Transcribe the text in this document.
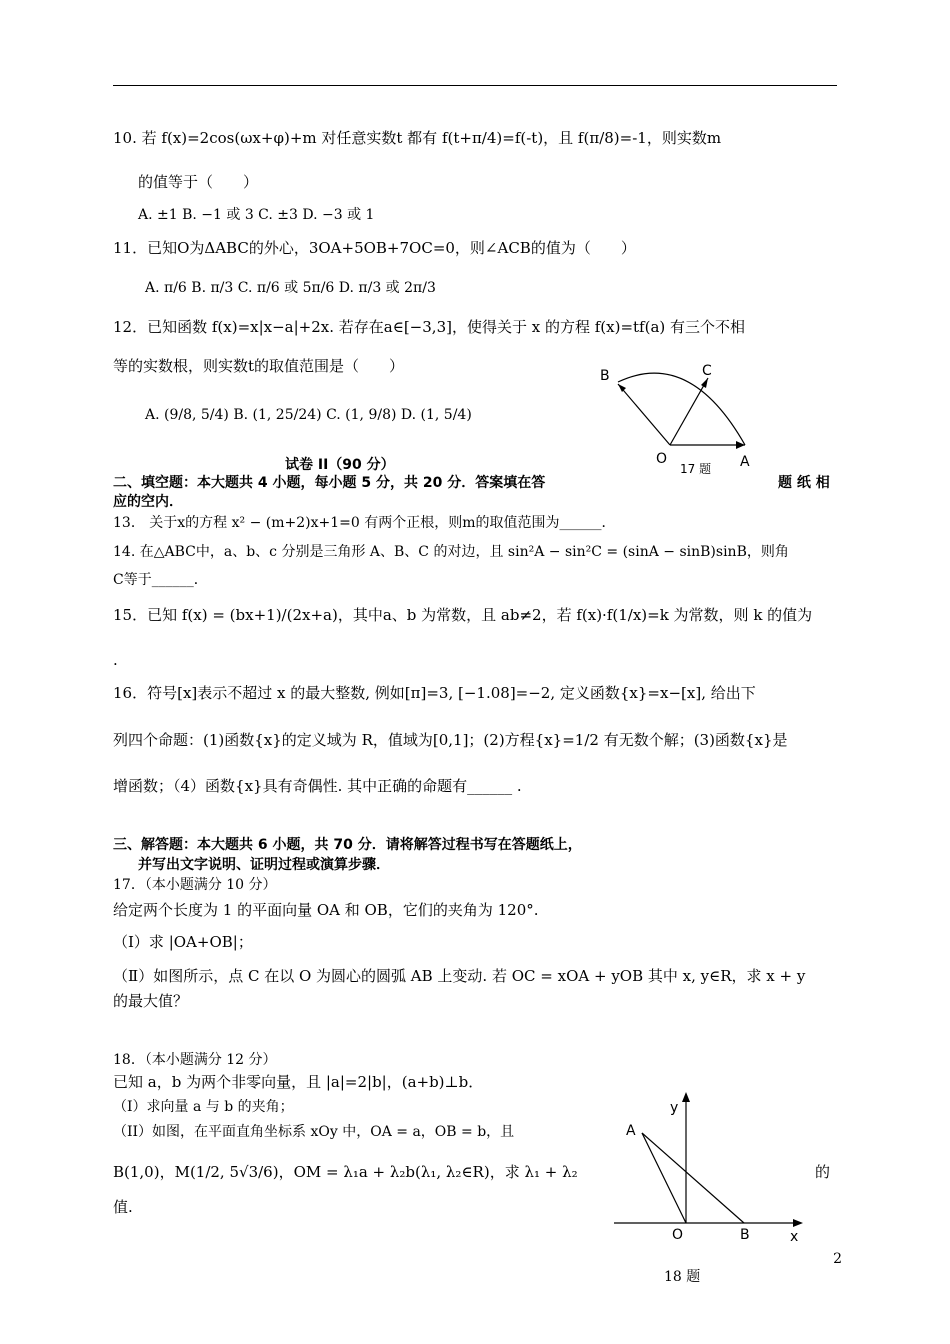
10. 若 f(x)=2cos(ωx+φ)+m 对任意实数t 都有 f(t+π/4)=f(-t)，且 f(π/8)=-1，则实数m
的值等于（　　）
A. ±1 B. −1 或 3 C. ±3 D. −3 或 1
11．已知O为ΔABC的外心，3OA+5OB+7OC=0，则∠ACB的值为（　　）
A. π/6 B. π/3 C. π/6 或 5π/6 D. π/3 或 2π/3
12．已知函数 f(x)=x|x−a|+2x. 若存在a∈[−3,3]，使得关于 x 的方程 f(x)=tf(a) 有三个不相
等的实数根，则实数t的取值范围是（　　）
A. (9/8, 5/4) B. (1, 25/24) C. (1, 9/8) D. (1, 5/4)
B	C
O	A
17 题
试卷 II（90 分）
二、填空题：本大题共 4 小题，每小题 5 分，共 20 分．答案填在答	题 纸 相
应的空内．
13． 关于x的方程 x² − (m+2)x+1=0 有两个正根，则m的取值范围为______．
14. 在△ABC中，a、b、c 分别是三角形 A、B、C 的对边，且 sin²A − sin²C = (sinA − sinB)sinB，则角
C等于______．
15．已知 f(x) = (bx+1)/(2x+a)，其中a、b 为常数，且 ab≠2，若 f(x)·f(1/x)=k 为常数，则 k 的值为
.
16．符号[x]表示不超过 x 的最大整数, 例如[π]=3, [−1.08]=−2, 定义函数{x}=x−[x], 给出下
列四个命题：(1)函数{x}的定义域为 R，值域为[0,1]；(2)方程{x}=1/2 有无数个解；(3)函数{x}是
增函数；（4）函数{x}具有奇偶性. 其中正确的命题有______ .
三、解答题：本大题共 6 小题，共 70 分．请将解答过程书写在答题纸上，
并写出文字说明、证明过程或演算步骤．
17．（本小题满分 10 分）
给定两个长度为 1 的平面向量 OA 和 OB，它们的夹角为 120°.
（I）求 |OA+OB|；
（Ⅱ）如图所示，点 C 在以 O 为圆心的圆弧 AB 上变动. 若 OC = xOA + yOB 其中 x, y∈R，求 x + y
的最大值？
18．（本小题满分 12 分）
已知 a，b 为两个非零向量，且 |a|=2|b|，(a+b)⊥b．
（I）求向量 a 与 b 的夹角；
（II）如图，在平面直角坐标系 xOy 中，OA = a，OB = b，且
B(1,0)，M(1/2, 5√3/6)，OM = λ₁a + λ₂b(λ₁, λ₂∈R)，求 λ₁ + λ₂	的
值.
y
A
O	B	x
18 题
2
